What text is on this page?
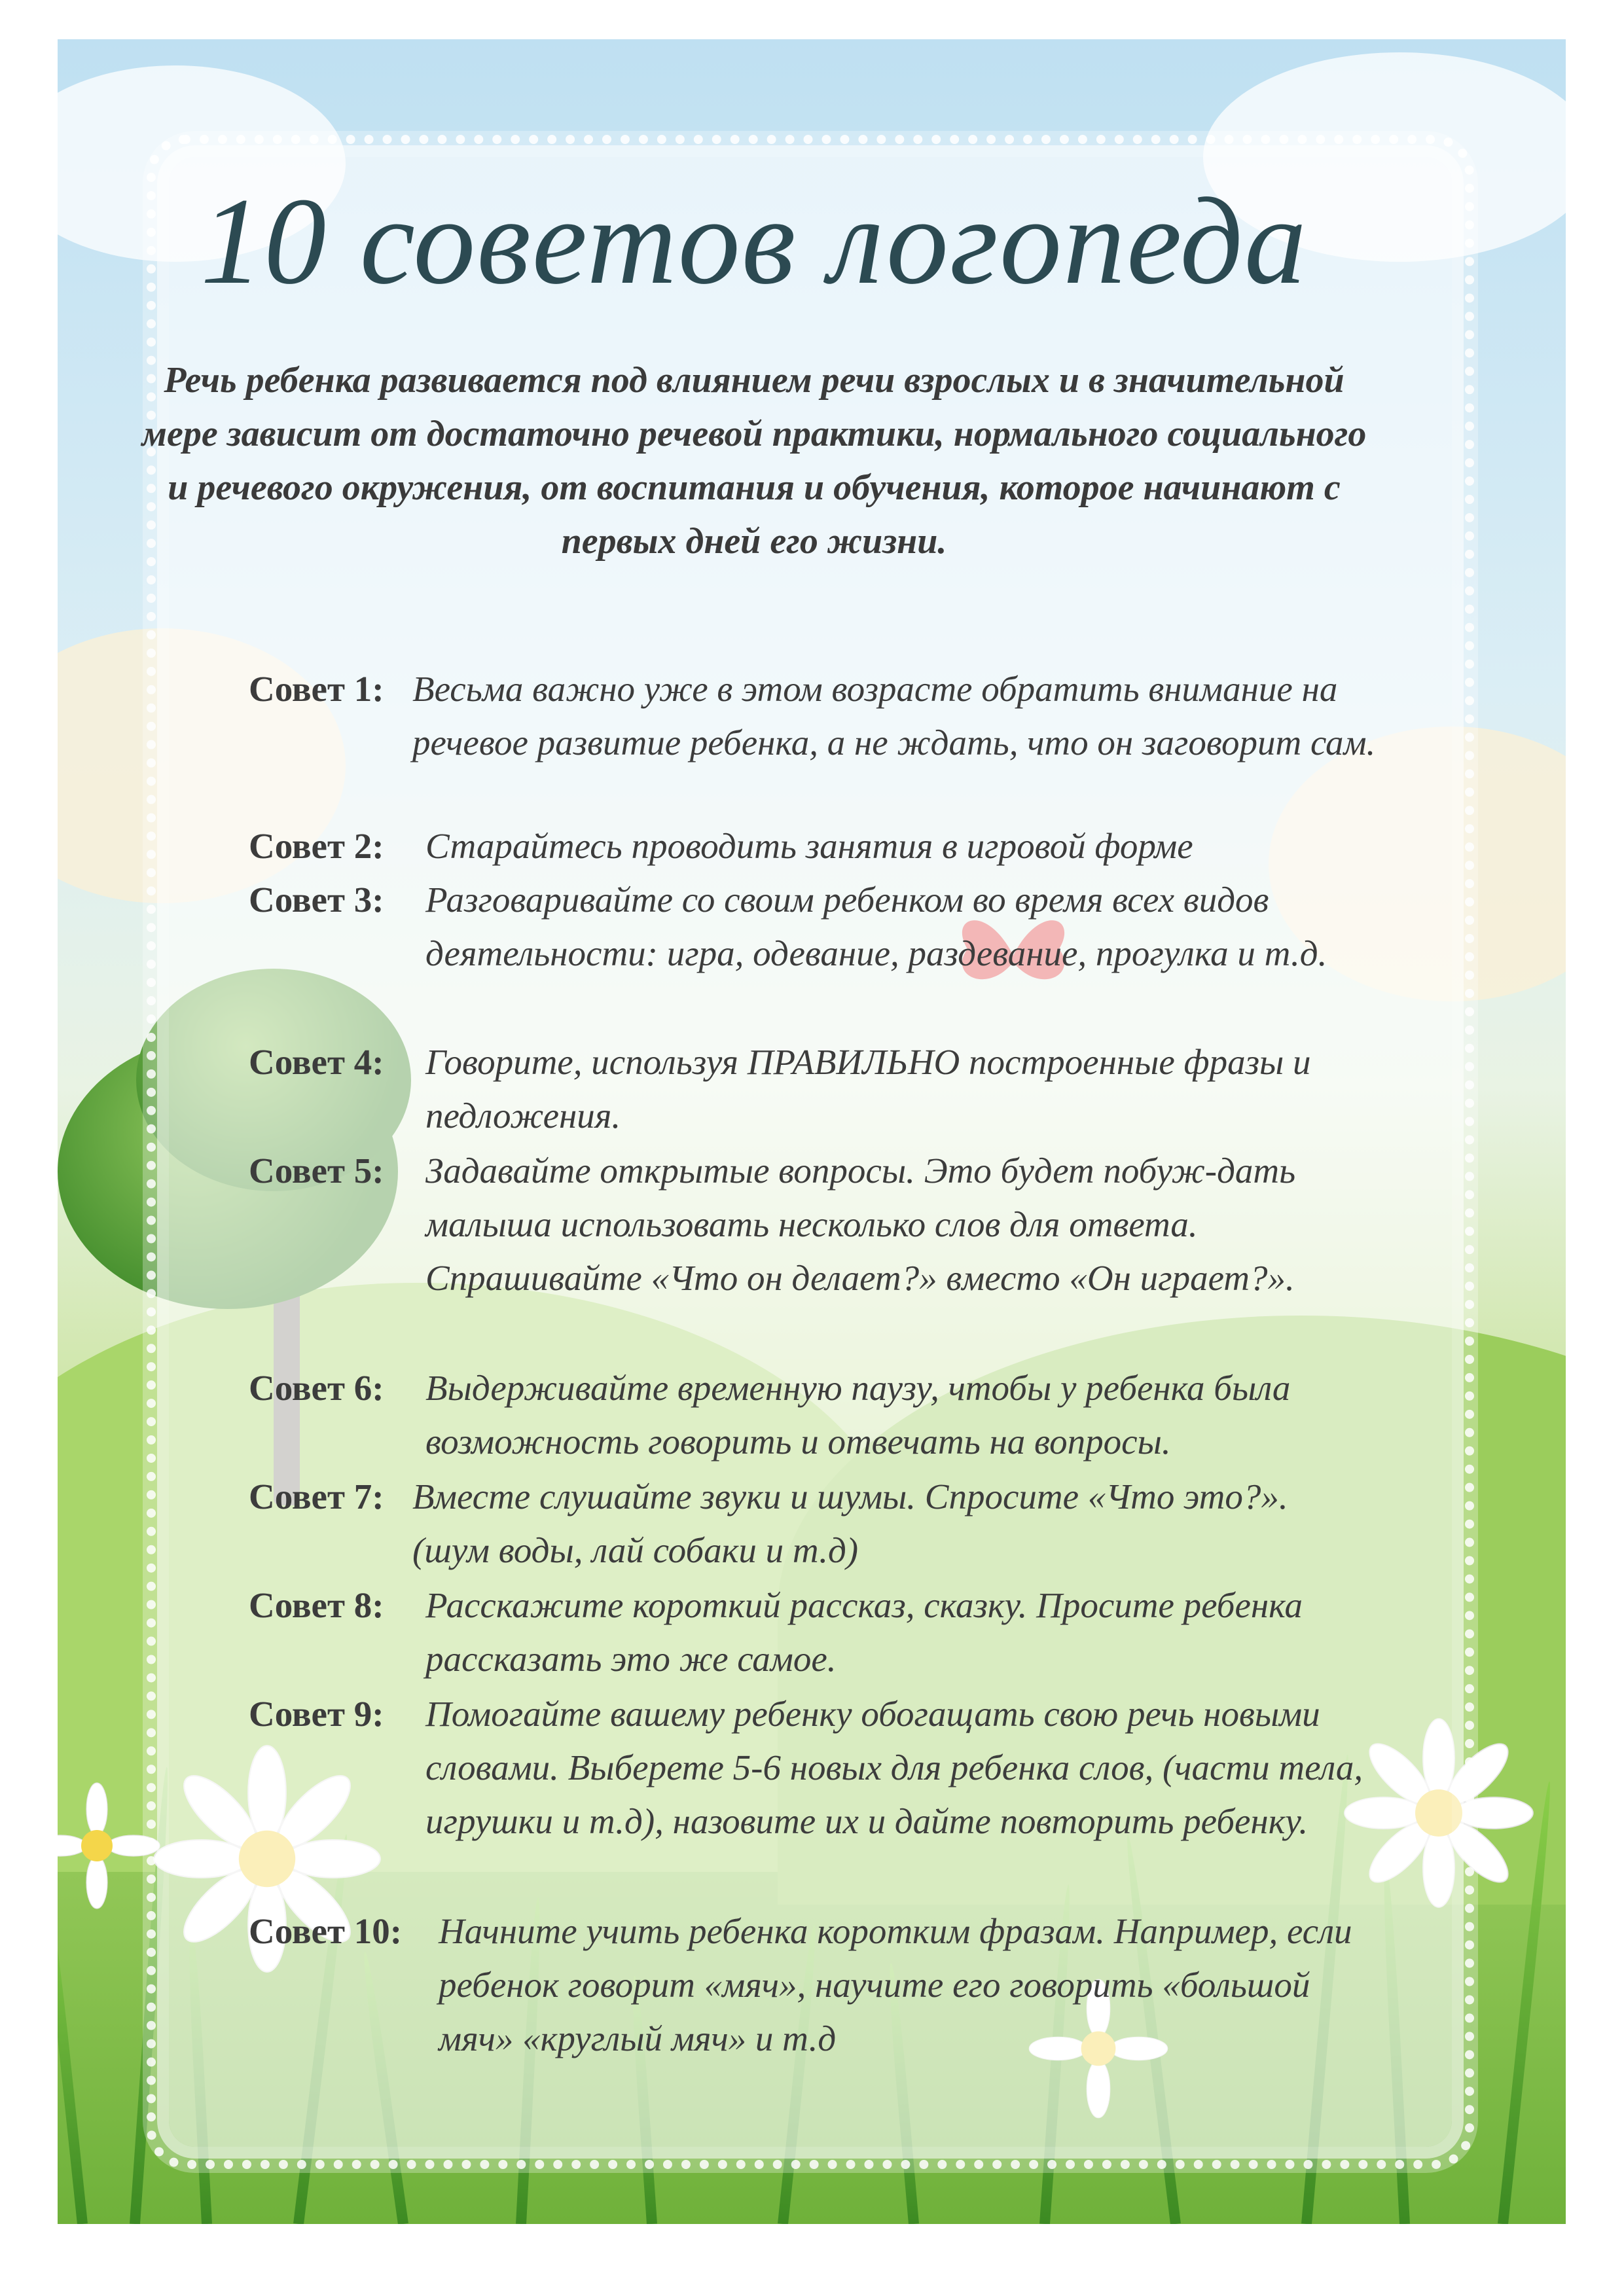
10 советов логопеда
Речь ребенка развивается под влиянием речи взрослых и в значительной мере зависит от достаточно речевой практики, нормального социального и речевого окружения, от воспитания и обучения, которое начинают с первых дней его жизни.
Совет 1: Весьма важно уже в этом возрасте обратить внимание на речевое развитие ребенка, а не ждать, что он заговорит сам.
Совет 2: Старайтесь проводить занятия в игровой форме
Совет 3: Разговаривайте со своим ребенком во время всех видов деятельности: игра, одевание, раздевание, прогулка и т.д.
Совет 4: Говорите, используя ПРАВИЛЬНО построенные фразы и педложения.
Совет 5: Задавайте открытые вопросы. Это будет побуж-дать малыша использовать несколько слов для ответа. Спрашивайте «Что он делает?» вместо «Он играет?».
Совет 6: Выдерживайте временную паузу, чтобы у ребенка была возможность говорить и отвечать на вопросы.
Совет 7: Вместе слушайте звуки и шумы. Спросите «Что это?». (шум воды, лай собаки и т.д)
Совет 8: Расскажите короткий рассказ, сказку. Просите ребенка рассказать это же самое.
Совет 9: Помогайте вашему ребенку обогащать свою речь новыми словами. Выберете 5-6 новых для ребенка слов, (части тела, игрушки и т.д), назовите их и дайте повторить ребенку.
Совет 10: Начните учить ребенка коротким фразам. Например, если ребенок говорит «мяч», научите его говорить «большой мяч» «круглый мяч» и т.д
